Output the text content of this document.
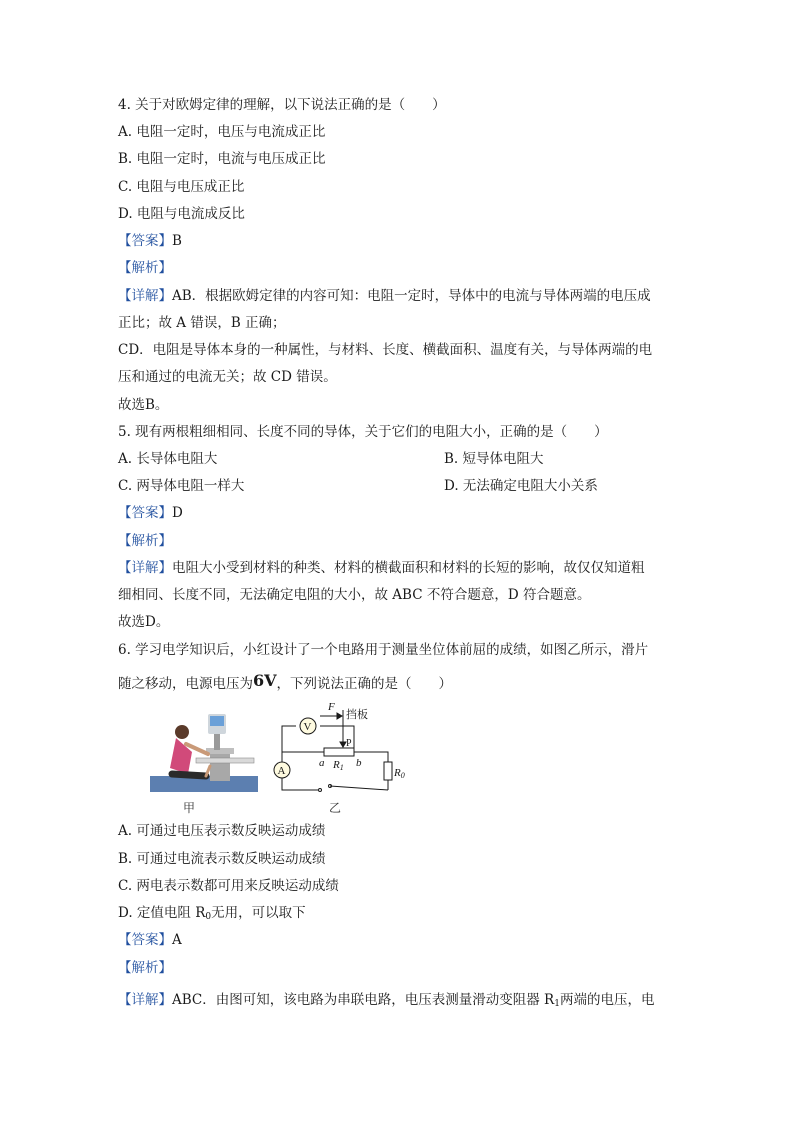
4. 关于对欧姆定律的理解，以下说法正确的是（　　）
A. 电阻一定时，电压与电流成正比
B. 电阻一定时，电流与电压成正比
C. 电阻与电压成正比
D. 电阻与电流成反比
【答案】B
【解析】
【详解】AB．根据欧姆定律的内容可知：电阻一定时，导体中的电流与导体两端的电压成
正比；故 A 错误，B 正确；
CD．电阻是导体本身的一种属性，与材料、长度、横截面积、温度有关，与导体两端的电
压和通过的电流无关；故 CD 错误。
故选B。
5. 现有两根粗细相同、长度不同的导体，关于它们的电阻大小，正确的是（　　）
A. 长导体电阻大	B. 短导体电阻大
C. 两导体电阻一样大	D. 无法确定电阻大小关系
【答案】D
【解析】
【详解】电阻大小受到材料的种类、材料的横截面积和材料的长短的影响，故仅仅知道粗
细相同、长度不同，无法确定电阻的大小，故 ABC 不符合题意，D 符合题意。
故选D。
6. 学习电学知识后，小红设计了一个电路用于测量坐位体前屈的成绩，如图乙所示，滑片
随之移动，电源电压为6V，下列说法正确的是（　　）
甲
V
A
F
挡板
P
a R1 b
R0
乙
A. 可通过电压表示数反映运动成绩
B. 可通过电流表示数反映运动成绩
C. 两电表示数都可用来反映运动成绩
D. 定值电阻 $R_0$无用，可以取下
【答案】A
【解析】
【详解】ABC．由图可知，该电路为串联电路，电压表测量滑动变阻器 $R_1$两端的电压，电
